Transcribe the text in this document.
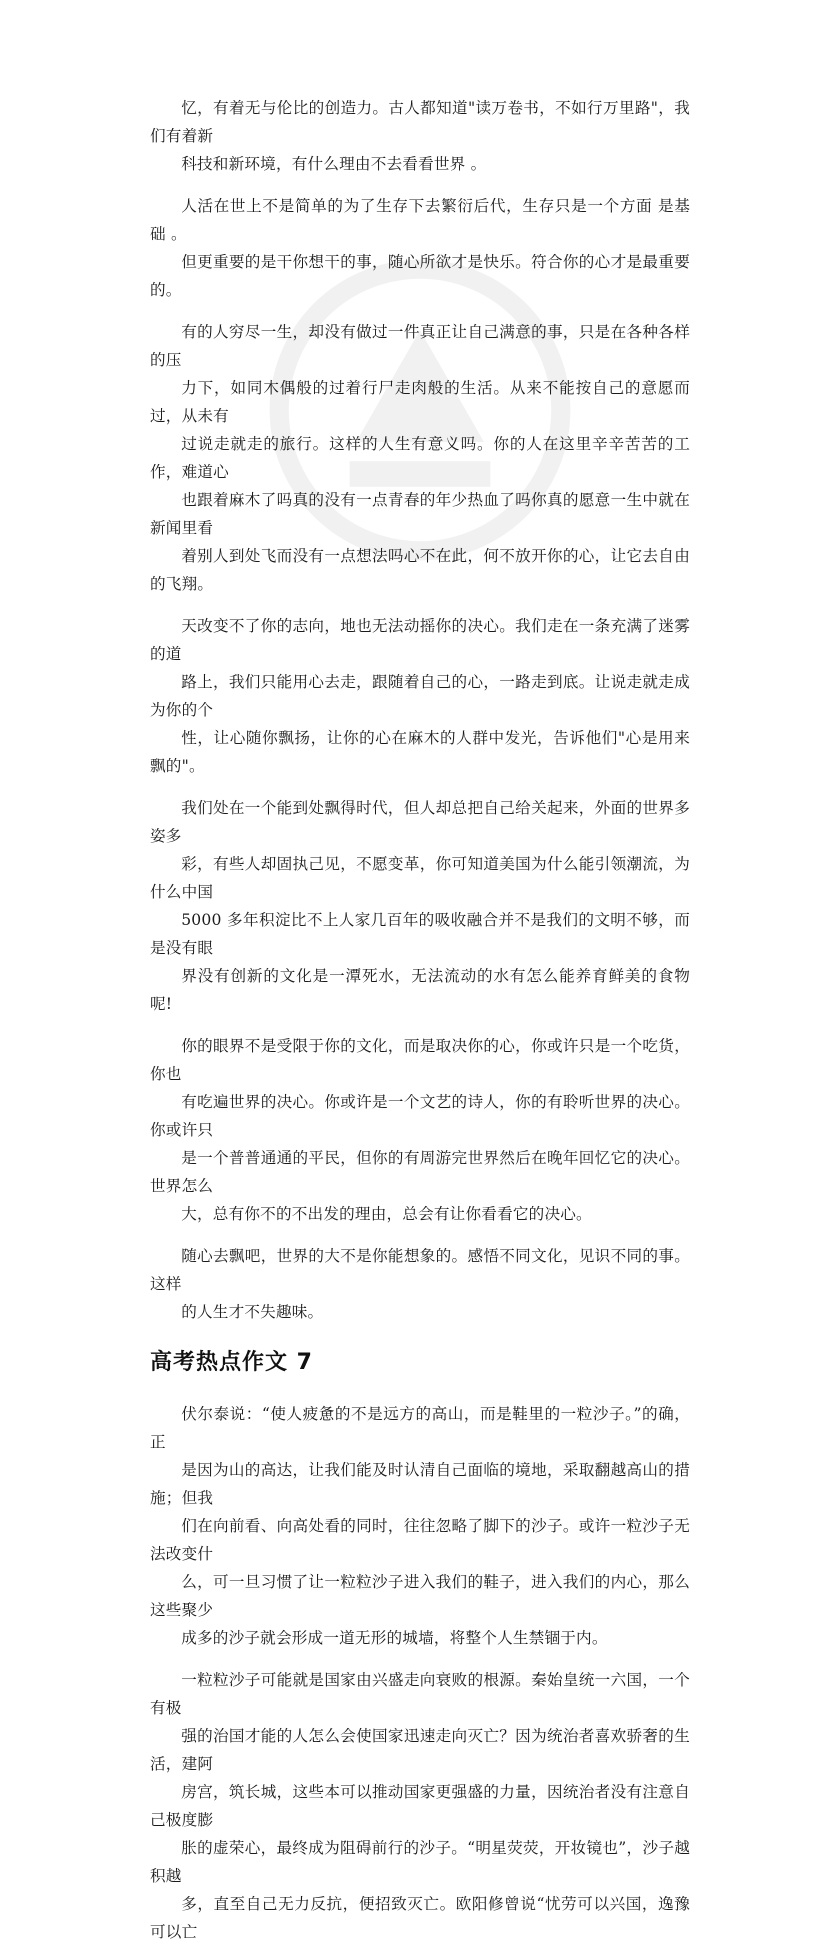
忆，有着无与伦比的创造力。古人都知道"读万卷书，不如行万里路"，我们有着新
科技和新环境，有什么理由不去看看世界 。

人活在世上不是简单的为了生存下去繁衍后代，生存只是一个方面 是基础 。
但更重要的是干你想干的事，随心所欲才是快乐。符合你的心才是最重要的。

有的人穷尽一生，却没有做过一件真正让自己满意的事，只是在各种各样的压
力下，如同木偶般的过着行尸走肉般的生活。从来不能按自己的意愿而过，从未有
过说走就走的旅行。这样的人生有意义吗。你的人在这里辛辛苦苦的工作，难道心
也跟着麻木了吗真的没有一点青春的年少热血了吗你真的愿意一生中就在新闻里看
着别人到处飞而没有一点想法吗心不在此，何不放开你的心，让它去自由的飞翔。

天改变不了你的志向，地也无法动摇你的决心。我们走在一条充满了迷雾的道
路上，我们只能用心去走，跟随着自己的心，一路走到底。让说走就走成为你的个
性，让心随你飘扬，让你的心在麻木的人群中发光，告诉他们"心是用来飘的"。

我们处在一个能到处飘得时代，但人却总把自己给关起来，外面的世界多姿多
彩，有些人却固执己见，不愿变革，你可知道美国为什么能引领潮流，为什么中国
5000 多年积淀比不上人家几百年的吸收融合并不是我们的文明不够，而是没有眼
界没有创新的文化是一潭死水，无法流动的水有怎么能养育鲜美的食物呢!

你的眼界不是受限于你的文化，而是取决你的心，你或许只是一个吃货，你也
有吃遍世界的决心。你或许是一个文艺的诗人，你的有聆听世界的决心。你或许只
是一个普普通通的平民，但你的有周游完世界然后在晚年回忆它的决心。世界怎么
大，总有你不的不出发的理由，总会有让你看看它的决心。

随心去飘吧，世界的大不是你能想象的。感悟不同文化，见识不同的事。这样
的人生才不失趣味。

高考热点作文 7

伏尔泰说：“使人疲惫的不是远方的高山，而是鞋里的一粒沙子。”的确，正
是因为山的高达，让我们能及时认清自己面临的境地，采取翻越高山的措施；但我
们在向前看、向高处看的同时，往往忽略了脚下的沙子。或许一粒沙子无法改变什
么，可一旦习惯了让一粒粒沙子进入我们的鞋子，进入我们的内心，那么这些聚少
成多的沙子就会形成一道无形的城墙，将整个人生禁锢于内。

一粒粒沙子可能就是国家由兴盛走向衰败的根源。秦始皇统一六国，一个有极
强的治国才能的人怎么会使国家迅速走向灭亡？因为统治者喜欢骄奢的生活，建阿
房宫，筑长城，这些本可以推动国家更强盛的力量，因统治者没有注意自己极度膨
胀的虚荣心，最终成为阻碍前行的沙子。“明星荧荧，开妆镜也”，沙子越积越
多，直至自己无力反抗，便招致灭亡。欧阳修曾说“忧劳可以兴国，逸豫可以亡
